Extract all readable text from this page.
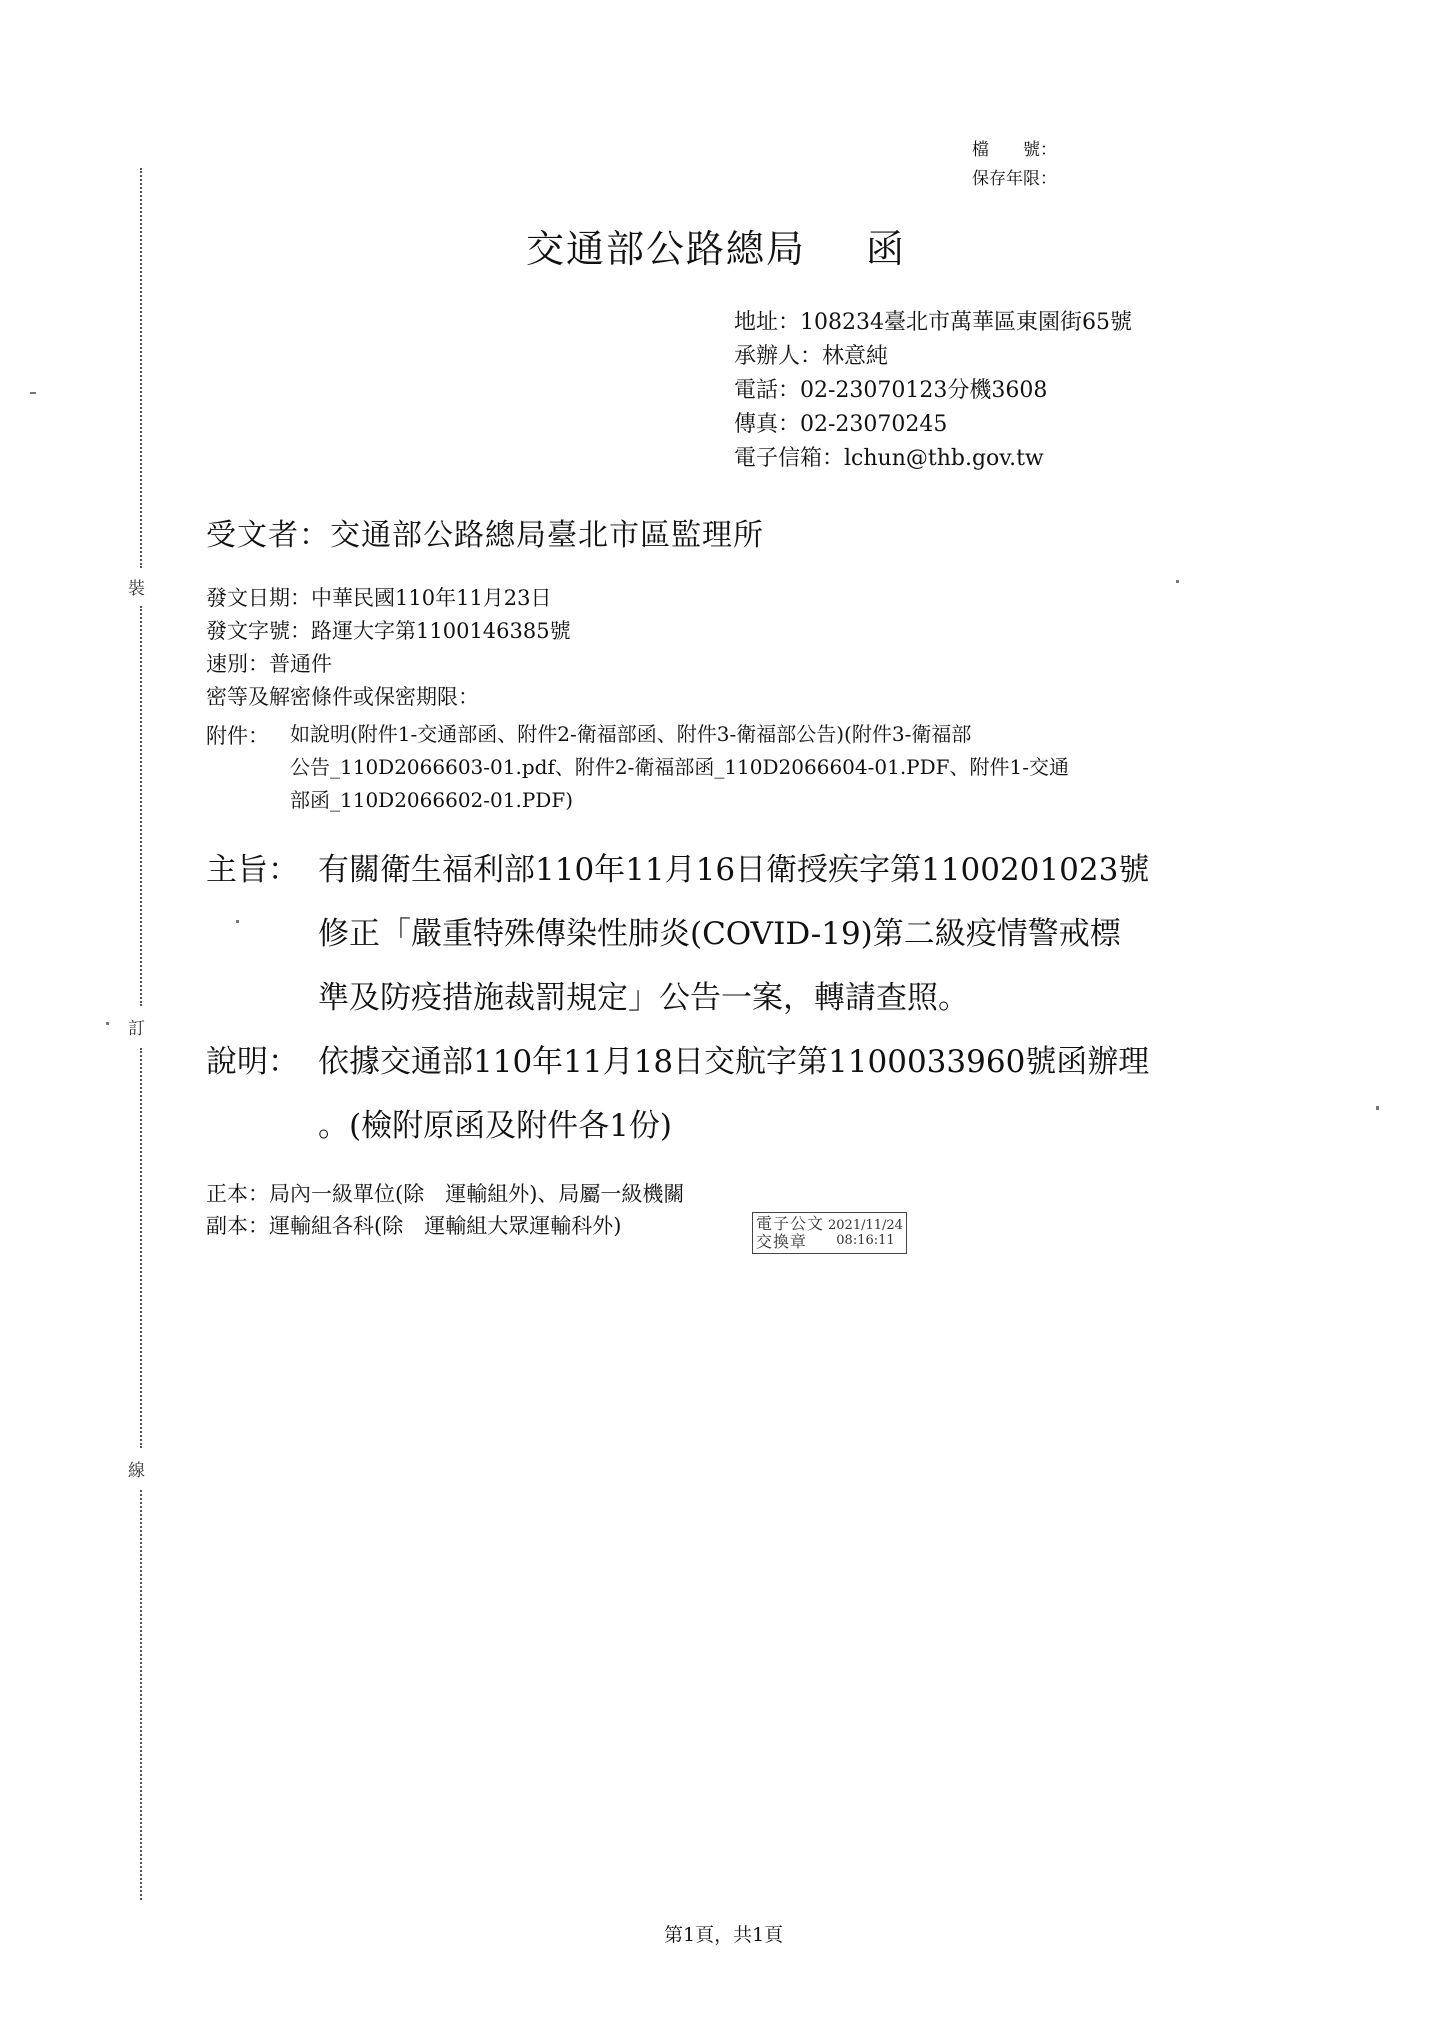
裝
訂
線
檔　　號：
保存年限：
交通部公路總局 函
地址：108234臺北市萬華區東園街65號
承辦人：林意純
電話：02-23070123分機3608
傳真：02-23070245
電子信箱：lchun@thb.gov.tw
受文者：交通部公路總局臺北市區監理所
發文日期：中華民國110年11月23日
發文字號：路運大字第1100146385號
速別：普通件
密等及解密條件或保密期限：
附件： 如說明(附件1-交通部函、附件2-衛福部函、附件3-衛福部公告)(附件3-衛福部
公告_110D2066603-01.pdf、附件2-衛福部函_110D2066604-01.PDF、附件1-交通
部函_110D2066602-01.PDF)
主旨： 有關衛生福利部110年11月16日衛授疾字第1100201023號
修正「嚴重特殊傳染性肺炎(COVID-19)第二級疫情警戒標
準及防疫措施裁罰規定」公告一案，轉請查照。
說明： 依據交通部110年11月18日交航字第1100033960號函辦理
。(檢附原函及附件各1份)
正本：局內一級單位(除　運輸組外)、局屬一級機關
副本：運輸組各科(除　運輸組大眾運輸科外)	電子公文
交換章
2021/11/24
08:16:11
第1頁，共1頁
